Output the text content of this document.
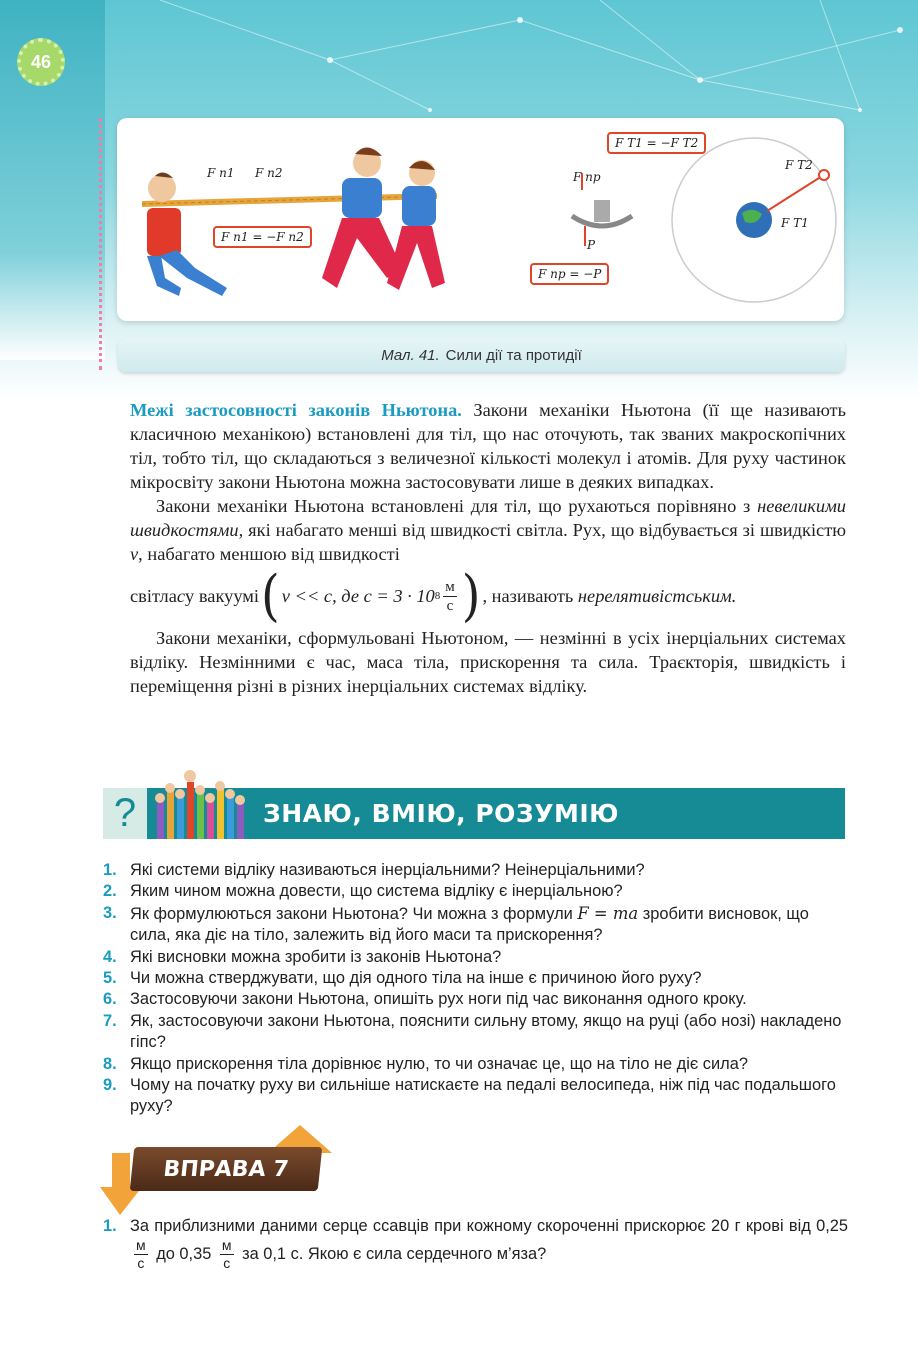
46
F п1 F п2
F п1 = −F п2
F T1 = −F T2
F пр
P
F пр = −P
F T2
F T1
Мал. 41. Сили дії та протидії

Межі застосовності законів Ньютона. Закони механіки Ньютона (її ще називають класичною механікою) встановлені для тіл, що нас оточують, так званих макроскопічних тіл, тобто тіл, що складаються з величезної кількості молекул і атомів. Для руху частинок мікросвіту закони Ньютона можна застосовувати лише в деяких випадках.

Закони механіки Ньютона встановлені для тіл, що рухаються порівняно з невеликими швидкостями, які набагато менші від швидкості світла. Рух, що відбувається зі швидкістю v, набагато меншою від швидкості

світла c у вакуумі ( v << c, де c = 3 · 10 $8 \frac{м}{с}$ ) , називають
нерелятивістським.

Закони механіки, сформульовані Ньютоном, — незмінні в усіх інерціальних системах відліку. Незмінними є час, маса тіла, прискорення та сила. Траєкторія, швидкість і переміщення різні в різних інерціальних системах відліку.

?	ЗНАЮ, ВМІЮ, РОЗУМІЮ
1. Які системи відліку називаються інерціальними? Неінерціальними?
2. Яким чином можна довести, що система відліку є інерціальною?
3. Як формулюються закони Ньютона? Чи можна з формули F = ma зробити висновок, що сила, яка діє на тіло, залежить від його маси та прискорення?
4. Які висновки можна зробити із законів Ньютона?
5. Чи можна стверджувати, що дія одного тіла на інше є причиною його руху?
6. Застосовуючи закони Ньютона, опишіть рух ноги під час виконання одного кроку.
7. Як, застосовуючи закони Ньютона, пояснити сильну втому, якщо на руці (або нозі) накладено гіпс?
8. Якщо прискорення тіла дорівнює нулю, то чи означає це, що на тіло не діє сила?
9. Чому на початку руху ви сильніше натискаєте на педалі велосипеда, ніж під час подальшого руху?
ВПРАВА 7
1. За приблизними даними серце ссавців при кожному скороченні прискорює 20 г крові від 0,25
м
с
до 0,35 м
с
за 0,1 с. Якою є сила сердечного м’яза?
